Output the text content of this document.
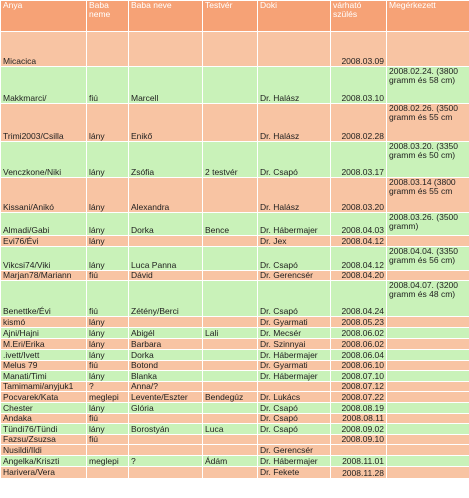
Anya	Baba neme	Baba neve	Testvér	Doki	várható szülés	Megérkezett
Micacica					2008.03.09	
Makkmarci/	fiú	Marcell		Dr. Halász	2008.03.10	2008.02.24. (3800 gramm és 58 cm)
Trimi2003/Csilla	lány	Enikő		Dr. Halász	2008.02.28	2008.02.26. (3500 gramm és 55 cm
Venczkone/Niki	lány	Zsófia	2 testvér	Dr. Csapó	2008.03.17	2008.03.20. (3350 gramm és 50 cm)
Kissani/Anikó	lány	Alexandra		Dr. Halász	2008.03.20	2008.03.14 (3800 gramm és 55 cm
Almadi/Gabi	lány	Dorka	Bence	Dr. Hábermajer	2008.04.03	2008.03.26. (3500 gramm)
Evi76/Évi	lány			Dr. Jex	2008.04.12	
Vikcsi74/Viki	lány	Luca Panna		Dr. Csapó	2008.04.12	2008.04.04. (3350 gramm és 56 cm)
Marjan78/Mariann	fiú	Dávid		Dr. Gerencsér	2008.04.20	
Benettke/Évi	fiú	Zétény/Berci		Dr. Csapó	2008.04.24	2008.04.07. (3200 gramm és 48 cm)
kismó	lány			Dr. Gyarmati	2008.05.23	
Ajni/Hajni	lány	Abigél	Lali	Dr. Mecsér	2008.06.02	
M.Eri/Erika	lány	Barbara		Dr. Szinnyai	2008.06.02	
.ivett/Ivett	lány	Dorka		Dr. Hábermajer	2008.06.04	
Melus 79	fiú	Botond		Dr. Gyarmati	2008.06.10	
Manati/Timi	lány	Blanka		Dr. Hábermajer	2008.07.10	
Tamimami/anyjuk1	?	Anna/?			2008.07.12	
Pocvarek/Kata	meglepi	Levente/Eszter	Bendegúz	Dr. Lukács	2008.07.22	
Chester	lány	Glória		Dr. Csapó	2008.08.19	
Andaka	fiú			Dr. Csapó	2008.08.11	
Tündi76/Tündi	lány	Borostyán	Luca	Dr. Csapó	2008.09.02	
Fazsu/Zsuzsa	fiú				2008.09.10	
Nusildi/Ildi				Dr. Gerencsér		
Angelka/Kriszti	meglepi	?	Ádám	Dr. Hábermajer	2008.11.01	
Harivera/Vera				Dr. Fekete	2008.11.28	
